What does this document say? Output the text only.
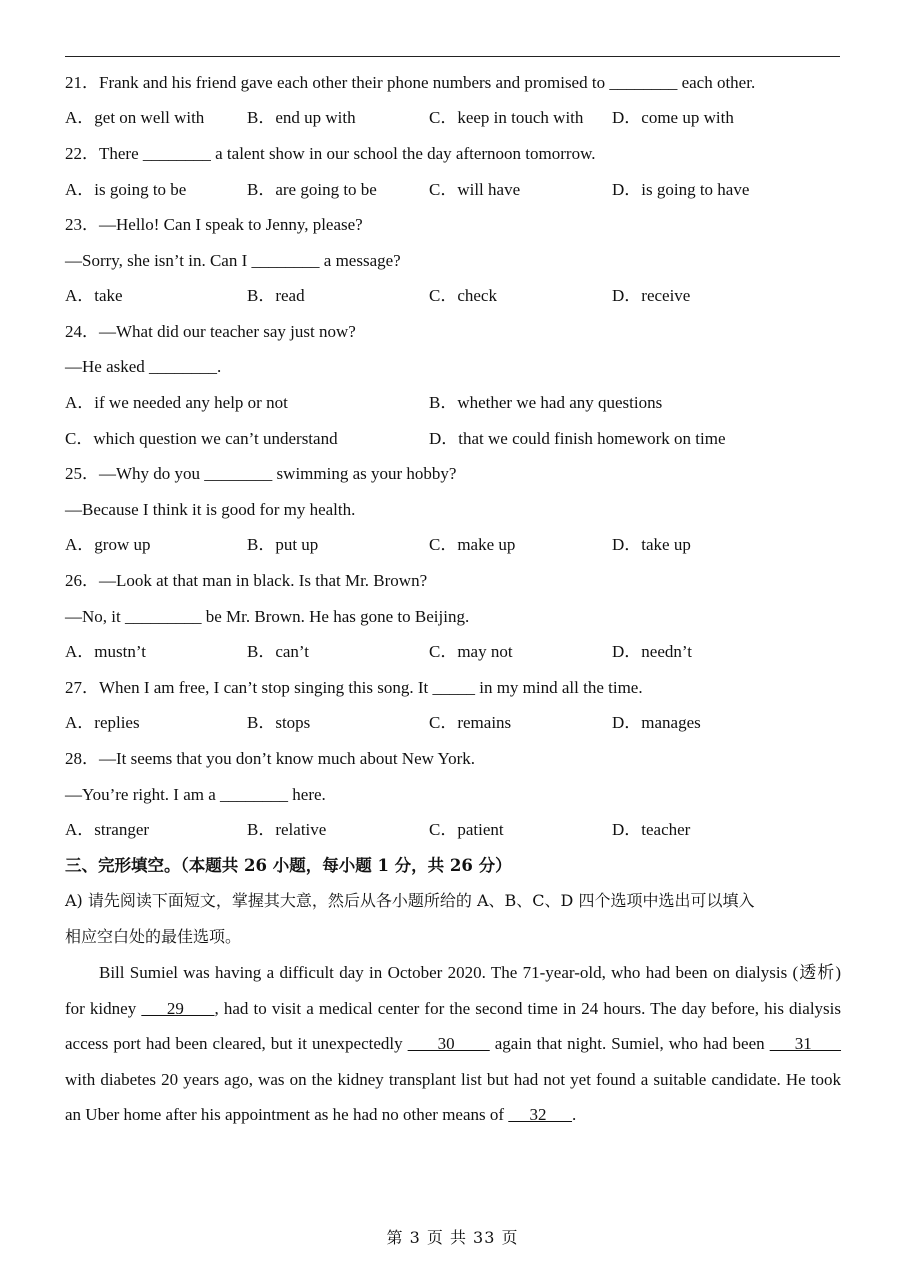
21．Frank and his friend gave each other their phone numbers and promised to ________ each other.
A．get on well with	B．end up with	C．keep in touch with D．come up with
22．There ________ a talent show in our school the day afternoon tomorrow.
A．is going to be	B．are going to be	C．will have	D．is going to have
23．—Hello! Can I speak to Jenny, please?
—Sorry, she isn’t in. Can I ________ a message?
A．take	B．read	C．check	D．receive
24．—What did our teacher say just now?
—He asked ________.
A．if we needed any help or not	B．whether we had any questions
C．which question we can’t understand	D．that we could finish homework on time
25．—Why do you ________ swimming as your hobby?
—Because I think it is good for my health.
A．grow up	B．put up	C．make up	D．take up
26．—Look at that man in black. Is that Mr. Brown?
—No, it _________ be Mr. Brown. He has gone to Beijing.
A．mustn’t	B．can’t	C．may not	D．needn’t
27．When I am free, I can’t stop singing this song. It _____ in my mind all the time.
A．replies	B．stops	C．remains	D．manages
28．—It seems that you don’t know much about New York.
—You’re right. I am a ________ here.
A．stranger	B．relative	C．patient	D．teacher
三、完形填空。（本题共 26 小题，每小题 1 分，共 26 分）
A) 请先阅读下面短文，掌握其大意，然后从各小题所给的 A、B、C、D 四个选项中选出可以填入
相应空白处的最佳选项。

Bill Sumiel was having a difficult day in October 2020. The 71-year-old, who had been on dialysis (透析) for kidney      29      , had to visit a medical center for the second time in 24 hours. The day before, his dialysis access port had been cleared, but it unexpectedly       30        again that night. Sumiel, who had been      31       with diabetes 20 years ago, was on the kidney transplant list but had not yet found a suitable candidate. He took an Uber home after his appointment as he had no other means of      32      .

第 3 页 共 33 页
